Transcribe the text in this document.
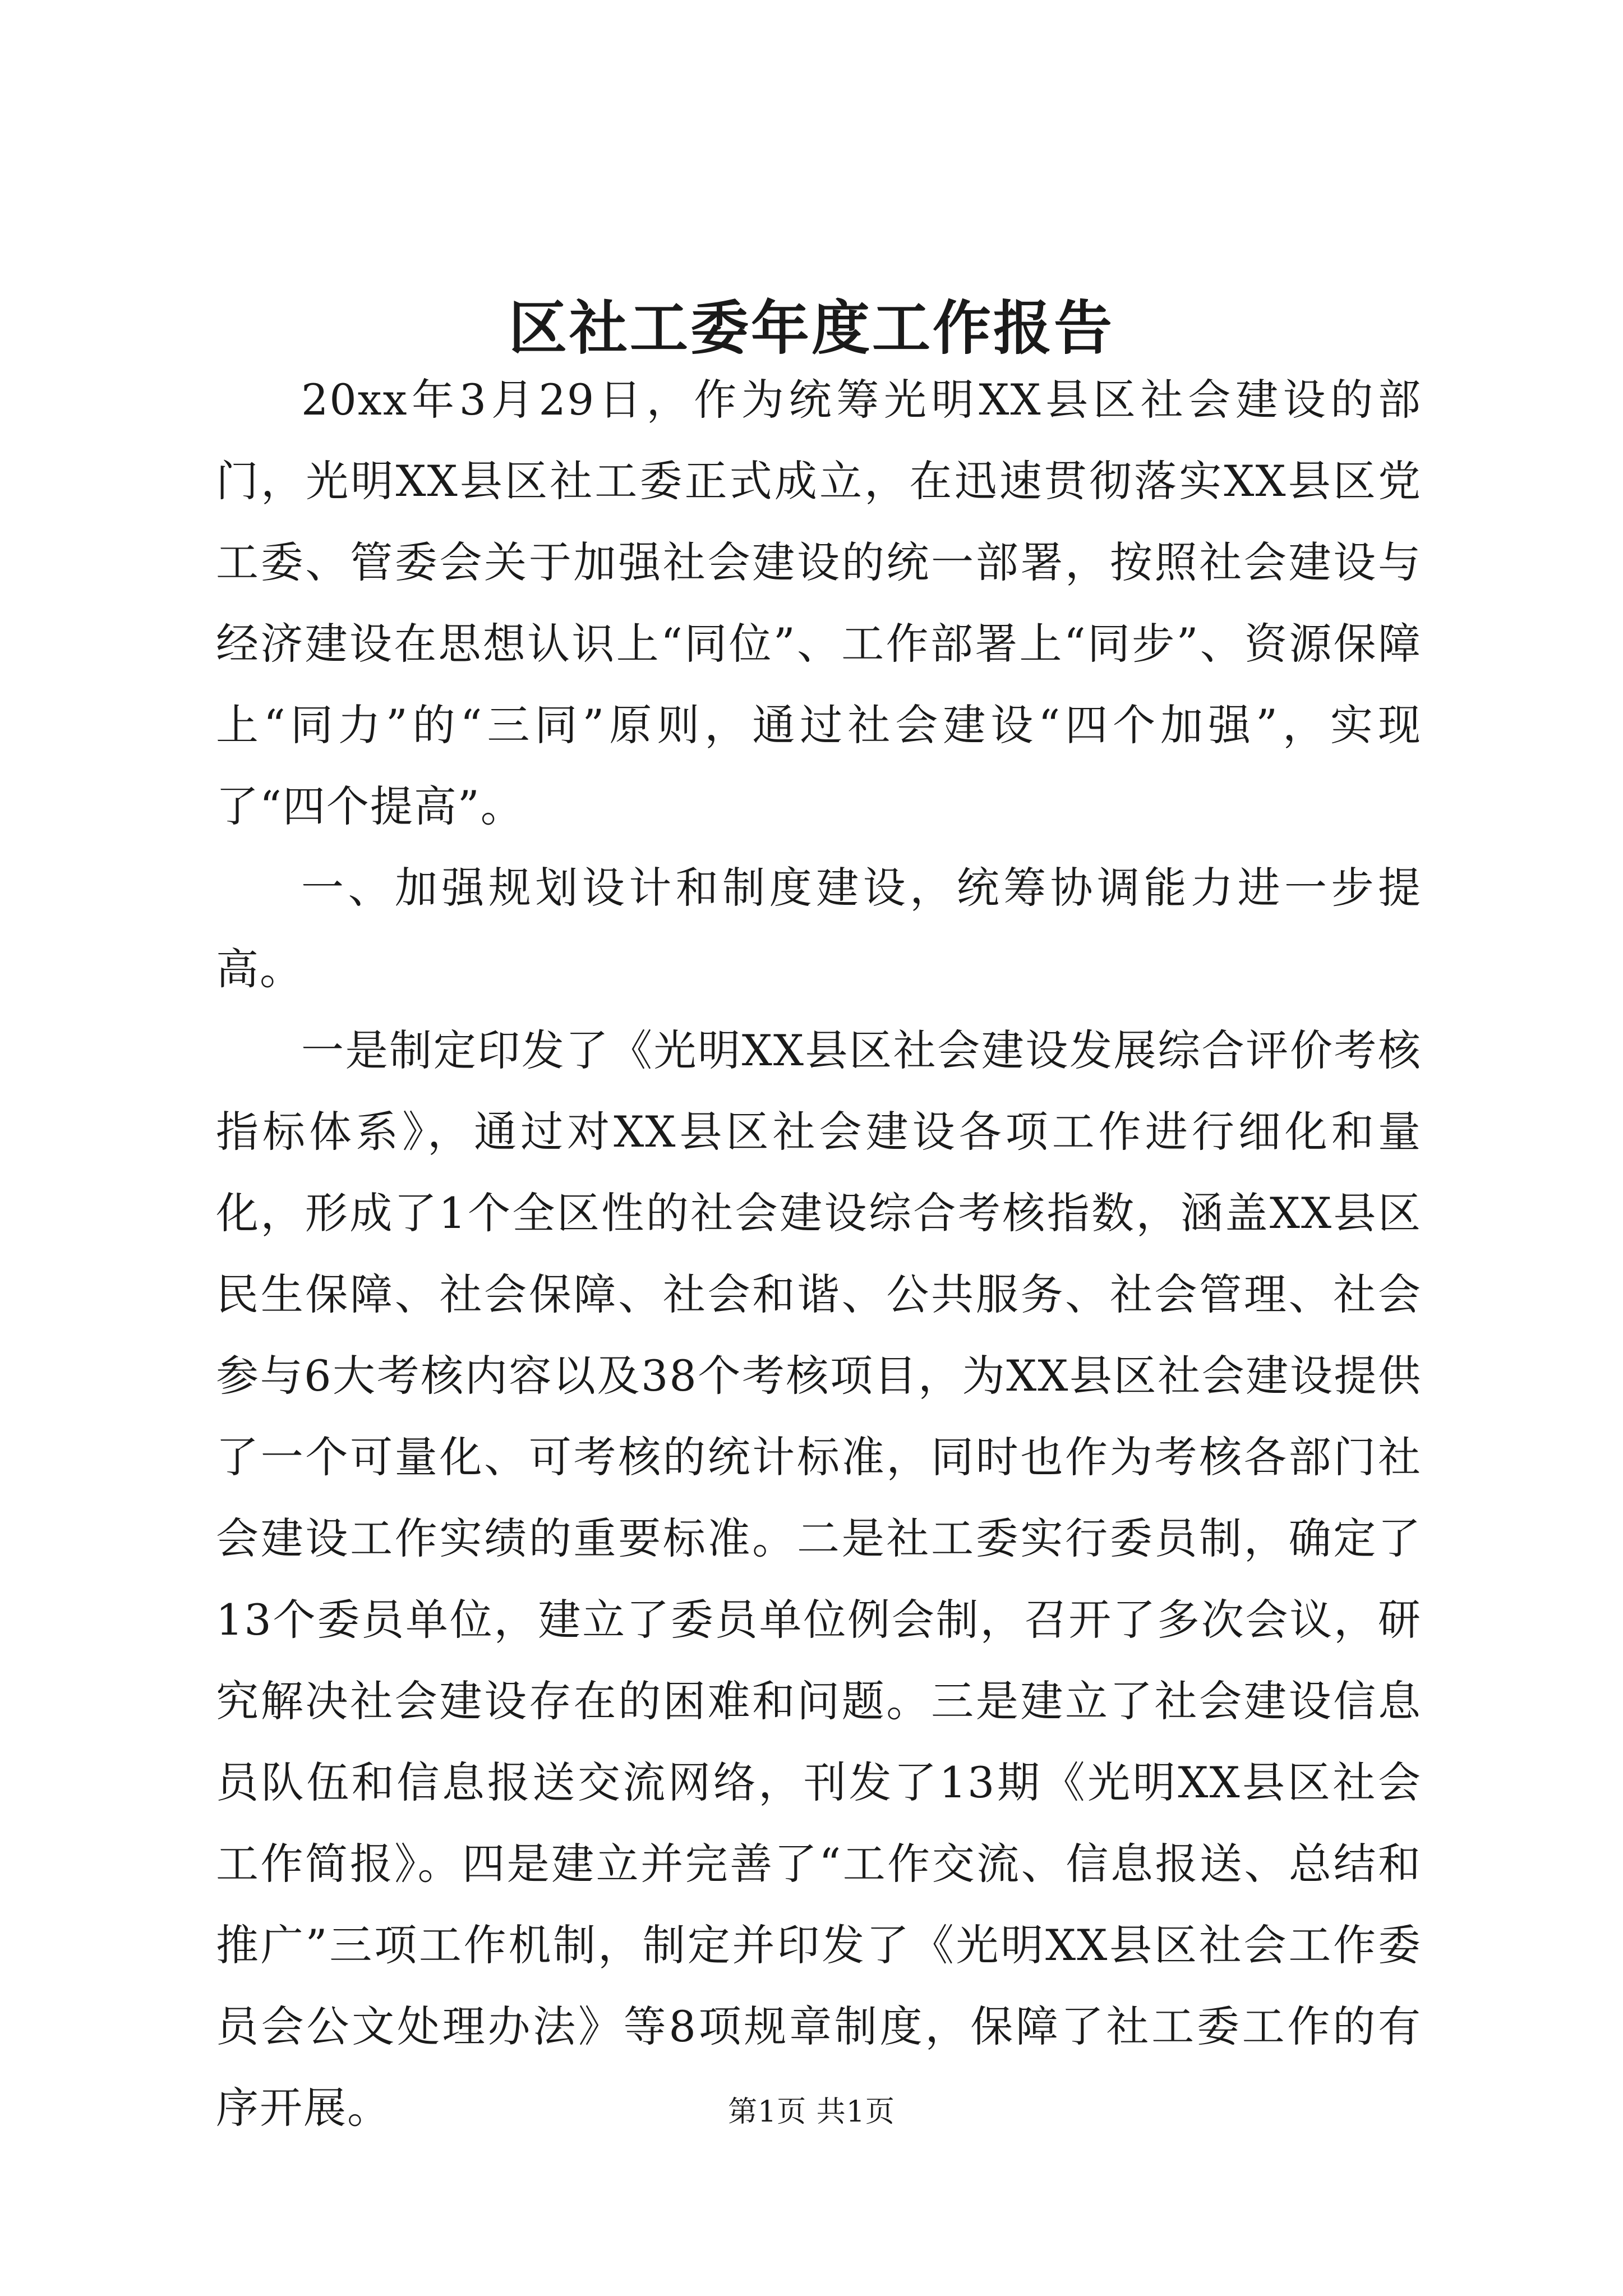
区社工委年度工作报告

20xx年3月29日，作为统筹光明XX县区社会建设的部门，光明XX县区社工委正式成立，在迅速贯彻落实XX县区党工委、管委会关于加强社会建设的统一部署，按照社会建设与经济建设在思想认识上“同位”、工作部署上“同步”、资源保障上“同力”的“三同”原则，通过社会建设“四个加强”，实现了“四个提高”。

一、加强规划设计和制度建设，统筹协调能力进一步提高。

一是制定印发了《光明XX县区社会建设发展综合评价考核指标体系》，通过对XX县区社会建设各项工作进行细化和量化，形成了1个全区性的社会建设综合考核指数，涵盖XX县区民生保障、社会保障、社会和谐、公共服务、社会管理、社会参与6大考核内容以及38个考核项目，为XX县区社会建设提供了一个可量化、可考核的统计标准，同时也作为考核各部门社会建设工作实绩的重要标准。二是社工委实行委员制，确定了13个委员单位，建立了委员单位例会制，召开了多次会议，研究解决社会建设存在的困难和问题。三是建立了社会建设信息员队伍和信息报送交流网络，刊发了13期《光明XX县区社会工作简报》。四是建立并完善了“工作交流、信息报送、总结和推广”三项工作机制，制定并印发了《光明XX县区社会工作委员会公文处理办法》等8项规章制度，保障了社工委工作的有序开展。	第1页 共1页
